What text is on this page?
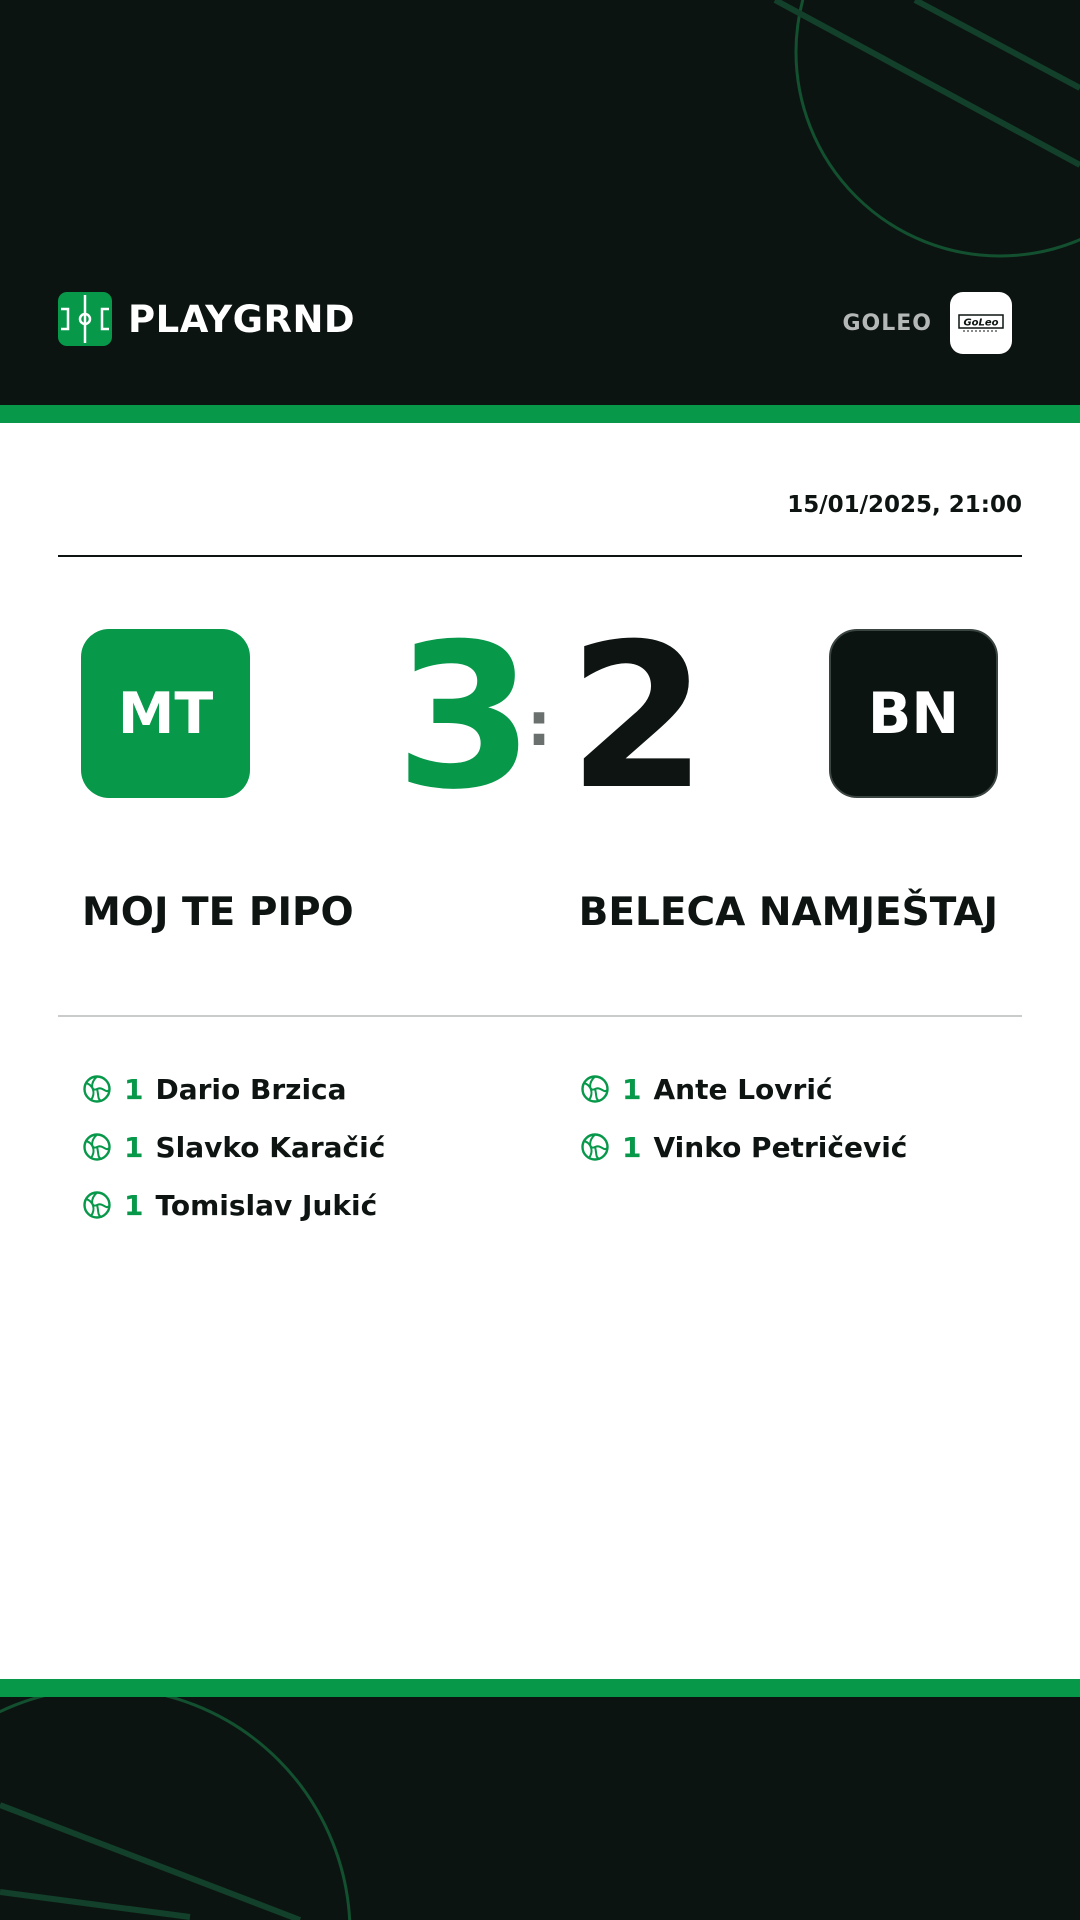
PLAYGRND	GOLEO	GoLeo
15/01/2025, 21:00
MT 3
: 2	BN
MOJ TE PIPO	BELECA NAMJEŠTAJ
1 Dario Brzica
1 Slavko Karačić
1 Tomislav Jukić
1 Ante Lovrić
1 Vinko Petričević
